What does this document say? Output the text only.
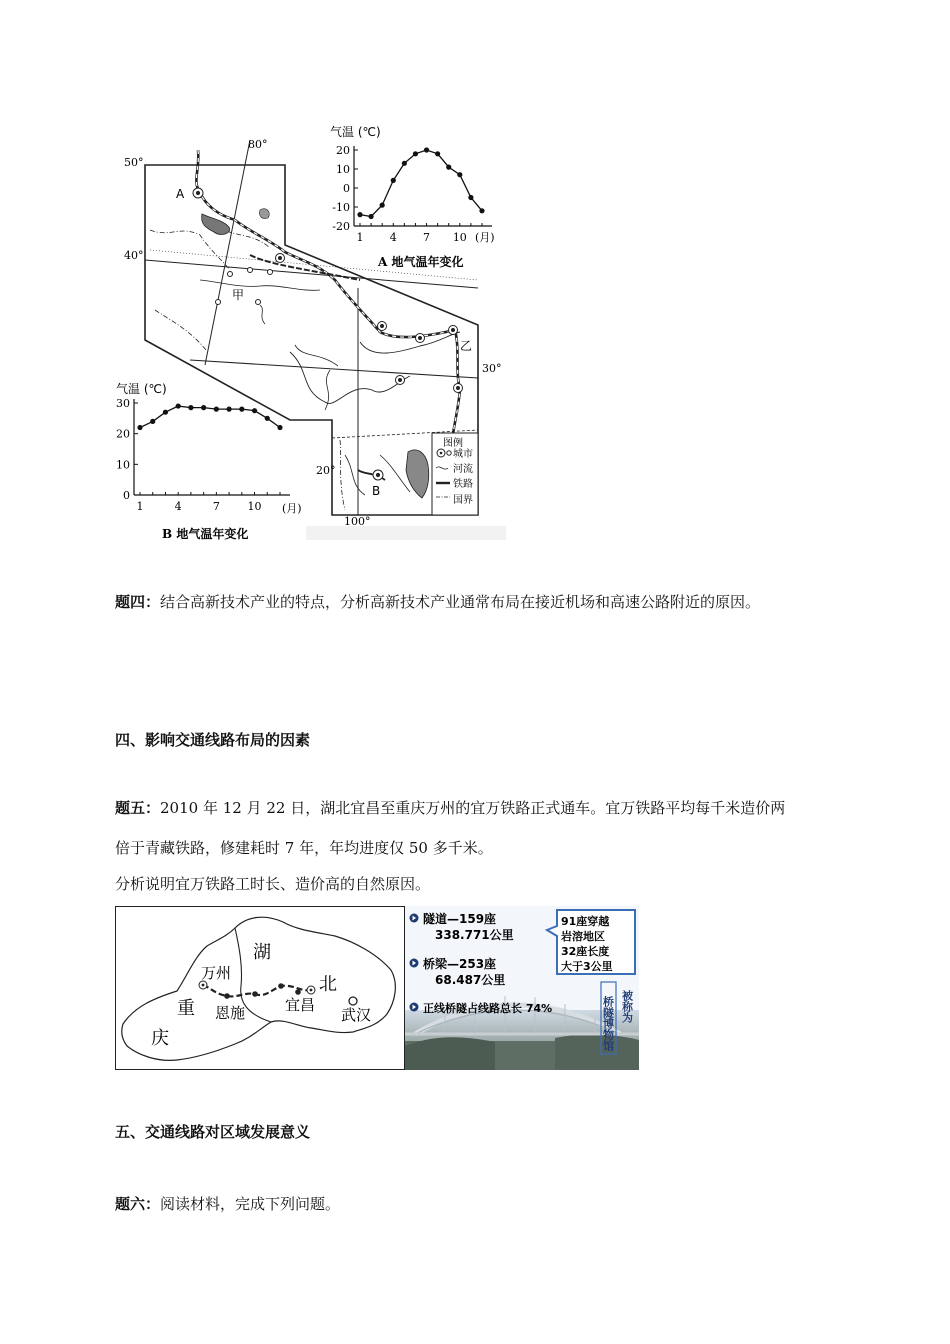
图例
城市
河流
铁路
国界
80°
50°
40°
30°
20°
100°
A
B
甲
乙
气温 (℃)
(月)
A 地气温年变化
20
10
0
-10
-20
1 4 7 10
气温 (℃)
(月)
B 地气温年变化
30
20
10
0
1	4	7	10
题四：结合高新技术产业的特点，分析高新技术产业通常布局在接近机场和高速公路附近的原因。
四、影响交通线路布局的因素
题五：2010 年 12 月 22 日，湖北宜昌至重庆万州的宜万铁路正式通车。宜万铁路平均每千米造价两
倍于青藏铁路，修建耗时 7 年，年均进度仅 50 多千米。
分析说明宜万铁路工时长、造价高的自然原因。
湖
北
万州
重
庆
恩施	宜昌
武汉
隧道—159座
338.771公里
桥梁—253座
68.487公里
正线桥隧占线路总长 74%
91座穿越
岩溶地区
32座长度
大于3公里
桥隧博物馆 被称为
五、交通线路对区域发展意义
题六：阅读材料，完成下列问题。
